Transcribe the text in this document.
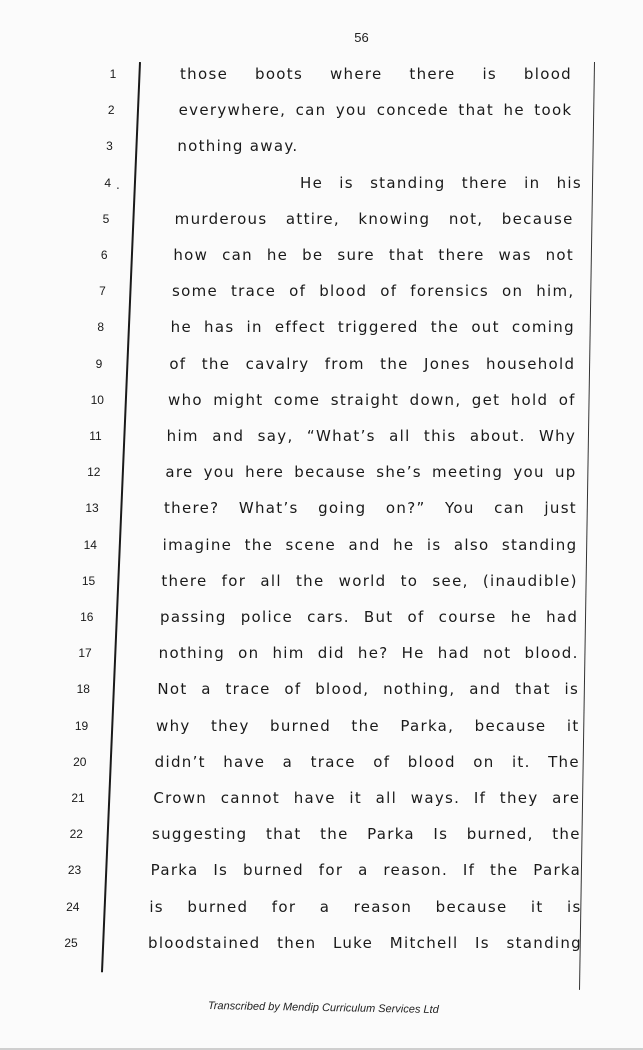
56
1	those boots where there is blood
2	everywhere, can you concede that he took
3	nothing away.
4	He is standing there in his
5	murderous attire, knowing not, because
6	how can he be sure that there was not
7	some trace of blood of forensics on him,
8	he has in effect triggered the out coming
9	of the cavalry from the Jones household
10	who might come straight down, get hold of
11	him and say, “What’s all this about. Why
12	are you here because she’s meeting you up
13	there? What’s going on?” You can just
14	imagine the scene and he is also standing
15	there for all the world to see, (inaudible)
16	passing police cars. But of course he had
17	nothing on him did he? He had not blood.
18	Not a trace of blood, nothing, and that is
19	why they burned the Parka, because it
20	didn’t have a trace of blood on it. The
21	Crown cannot have it all ways. If they are
22	suggesting that the Parka Is burned, the
23	Parka Is burned for a reason. If the Parka
24	is burned for a reason because it is
25	bloodstained then Luke Mitchell Is standing
.
Transcribed by Mendip Curriculum Services Ltd
